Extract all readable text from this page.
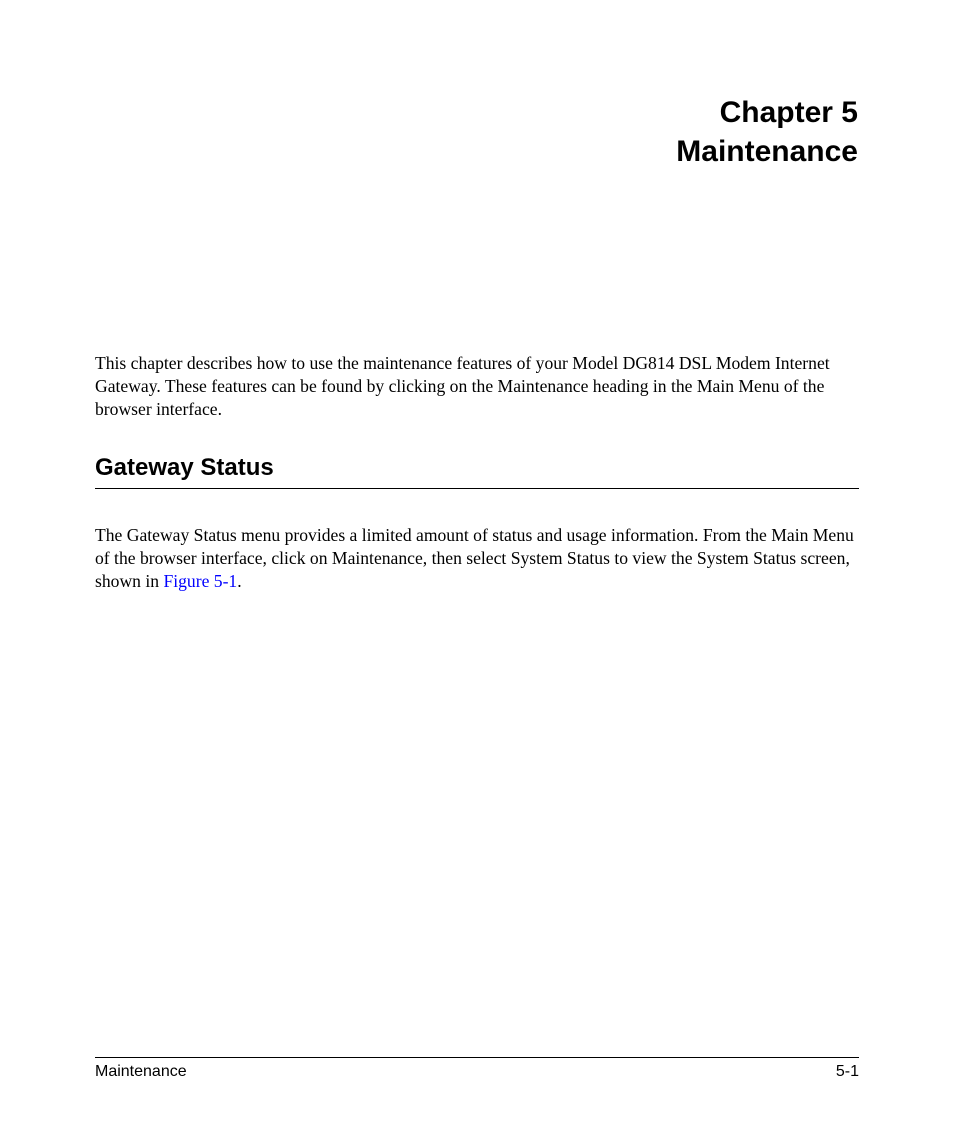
Chapter 5
Maintenance

This chapter describes how to use the maintenance features of your Model DG814 DSL Modem Internet Gateway. These features can be found by clicking on the Maintenance heading in the Main Menu of the browser interface.

Gateway Status

The Gateway Status menu provides a limited amount of status and usage information. From the Main Menu of the browser interface, click on Maintenance, then select System Status to view the System Status screen, shown in Figure 5-1.

Maintenance	5-1
